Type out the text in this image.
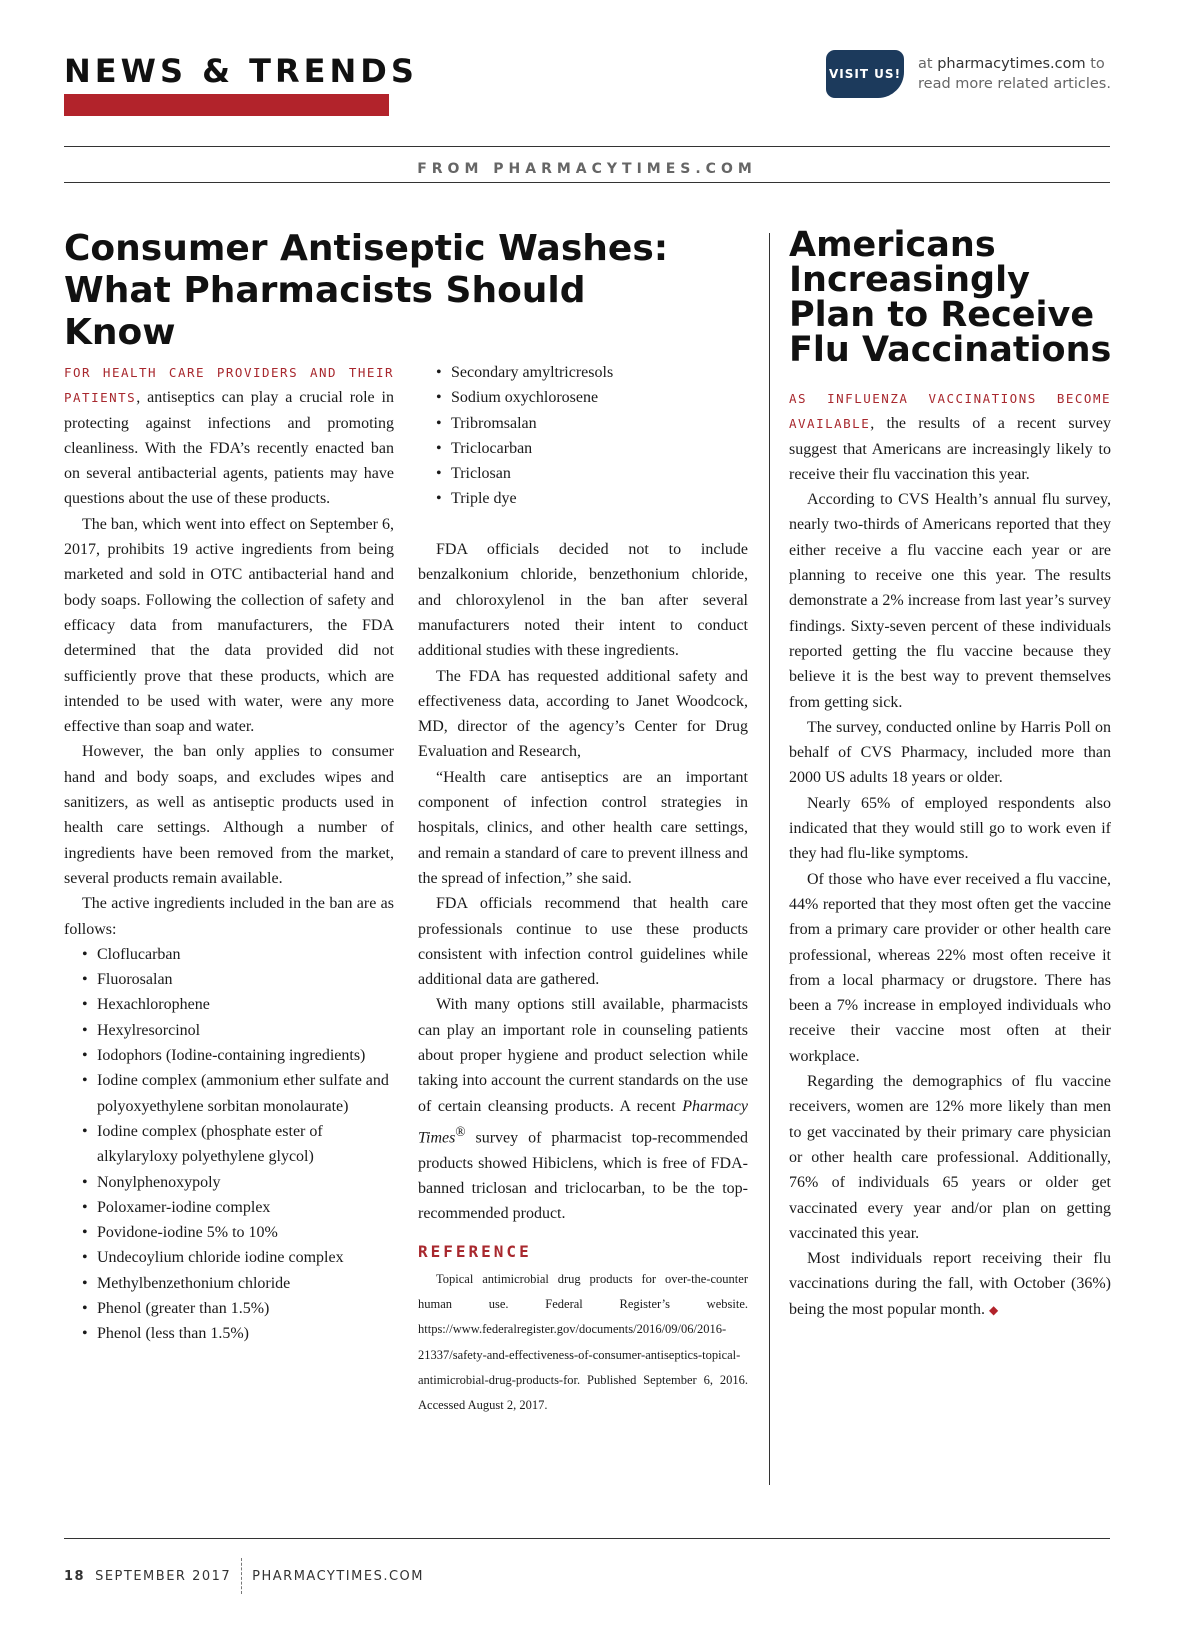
NEWS & TRENDS	VISIT US!
at pharmacytimes.com to
read more related articles.
FROM PHARMACYTIMES.COM
Consumer Antiseptic Washes:
What Pharmacists Should Know

FOR HEALTH CARE PROVIDERS AND THEIR PATIENTS, antiseptics can play a crucial role in protecting against infections and promoting cleanliness. With the FDA’s recently enacted ban on several antibacterial agents, patients may have questions about the use of these products.

The ban, which went into effect on September 6, 2017, prohibits 19 active ingredients from being marketed and sold in OTC antibacterial hand and body soaps. Following the collection of safety and efficacy data from manufacturers, the FDA determined that the data provided did not sufficiently prove that these products, which are intended to be used with water, were any more effective than soap and water.

However, the ban only applies to consumer hand and body soaps, and excludes wipes and sanitizers, as well as antiseptic products used in health care settings. Although a number of ingredients have been removed from the market, several products remain available.

The active ingredients included in the ban are as follows:

• Cloflucarban
• Fluorosalan
• Hexachlorophene
• Hexylresorcinol
• Iodophors (Iodine-containing ingredients)
• Iodine complex (ammonium ether sulfate and polyoxyethylene sorbitan monolaurate)
• Iodine complex (phosphate ester of alkylaryloxy polyethylene glycol)
• Nonylphenoxypoly
• Poloxamer-iodine complex
• Povidone-iodine 5% to 10%
• Undecoylium chloride iodine complex
• Methylbenzethonium chloride
• Phenol (greater than 1.5%)
• Phenol (less than 1.5%)
• Secondary amyltricresols
• Sodium oxychlorosene
• Tribromsalan
• Triclocarban
• Triclosan
• Triple dye

FDA officials decided not to include benzalkonium chloride, benzethonium chloride, and chloroxylenol in the ban after several manufacturers noted their intent to conduct additional studies with these ingredients.

The FDA has requested additional safety and effectiveness data, according to Janet Woodcock, MD, director of the agency’s Center for Drug Evaluation and Research,

“Health care antiseptics are an important component of infection control strategies in hospitals, clinics, and other health care settings, and remain a standard of care to prevent illness and the spread of infection,” she said.

FDA officials recommend that health care professionals continue to use these products consistent with infection control guidelines while additional data are gathered.

With many options still available, pharmacists can play an important role in counseling patients about proper hygiene and product selection while taking into account the current standards on the use of certain cleansing products. A recent Pharmacy Times® survey of pharmacist top-recommended products showed Hibiclens, which is free of FDA-banned triclosan and triclocarban, to be the top-recommended product.

REFERENCE

Topical antimicrobial drug products for over-the-counter human use. Federal Register’s website. https://www.federalregister.gov/documents/2016/09/06/2016-21337/safety-and-effectiveness-of-consumer-antiseptics-topical-antimicrobial-drug-products-for. Published September 6, 2016. Accessed August 2, 2017.

Americans Increasingly Plan to Receive Flu Vaccinations

AS INFLUENZA VACCINATIONS BECOME AVAILABLE, the results of a recent survey suggest that Americans are increasingly likely to receive their flu vaccination this year.

According to CVS Health’s annual flu survey, nearly two-thirds of Americans reported that they either receive a flu vaccine each year or are planning to receive one this year. The results demonstrate a 2% increase from last year’s survey findings. Sixty-seven percent of these individuals reported getting the flu vaccine because they believe it is the best way to prevent themselves from getting sick.

The survey, conducted online by Harris Poll on behalf of CVS Pharmacy, included more than 2000 US adults 18 years or older.

Nearly 65% of employed respondents also indicated that they would still go to work even if they had flu-like symptoms.

Of those who have ever received a flu vaccine, 44% reported that they most often get the vaccine from a primary care provider or other health care professional, whereas 22% most often receive it from a local pharmacy or drugstore. There has been a 7% increase in employed individuals who receive their vaccine most often at their workplace.

Regarding the demographics of flu vaccine receivers, women are 12% more likely than men to get vaccinated by their primary care physician or other health care professional. Additionally, 76% of individuals 65 years or older get vaccinated every year and/or plan on getting vaccinated this year.

Most individuals report receiving their flu vaccinations during the fall, with October (36%) being the most popular month. ◆

18 SEPTEMBER 2017 PHARMACYTIMES.COM
